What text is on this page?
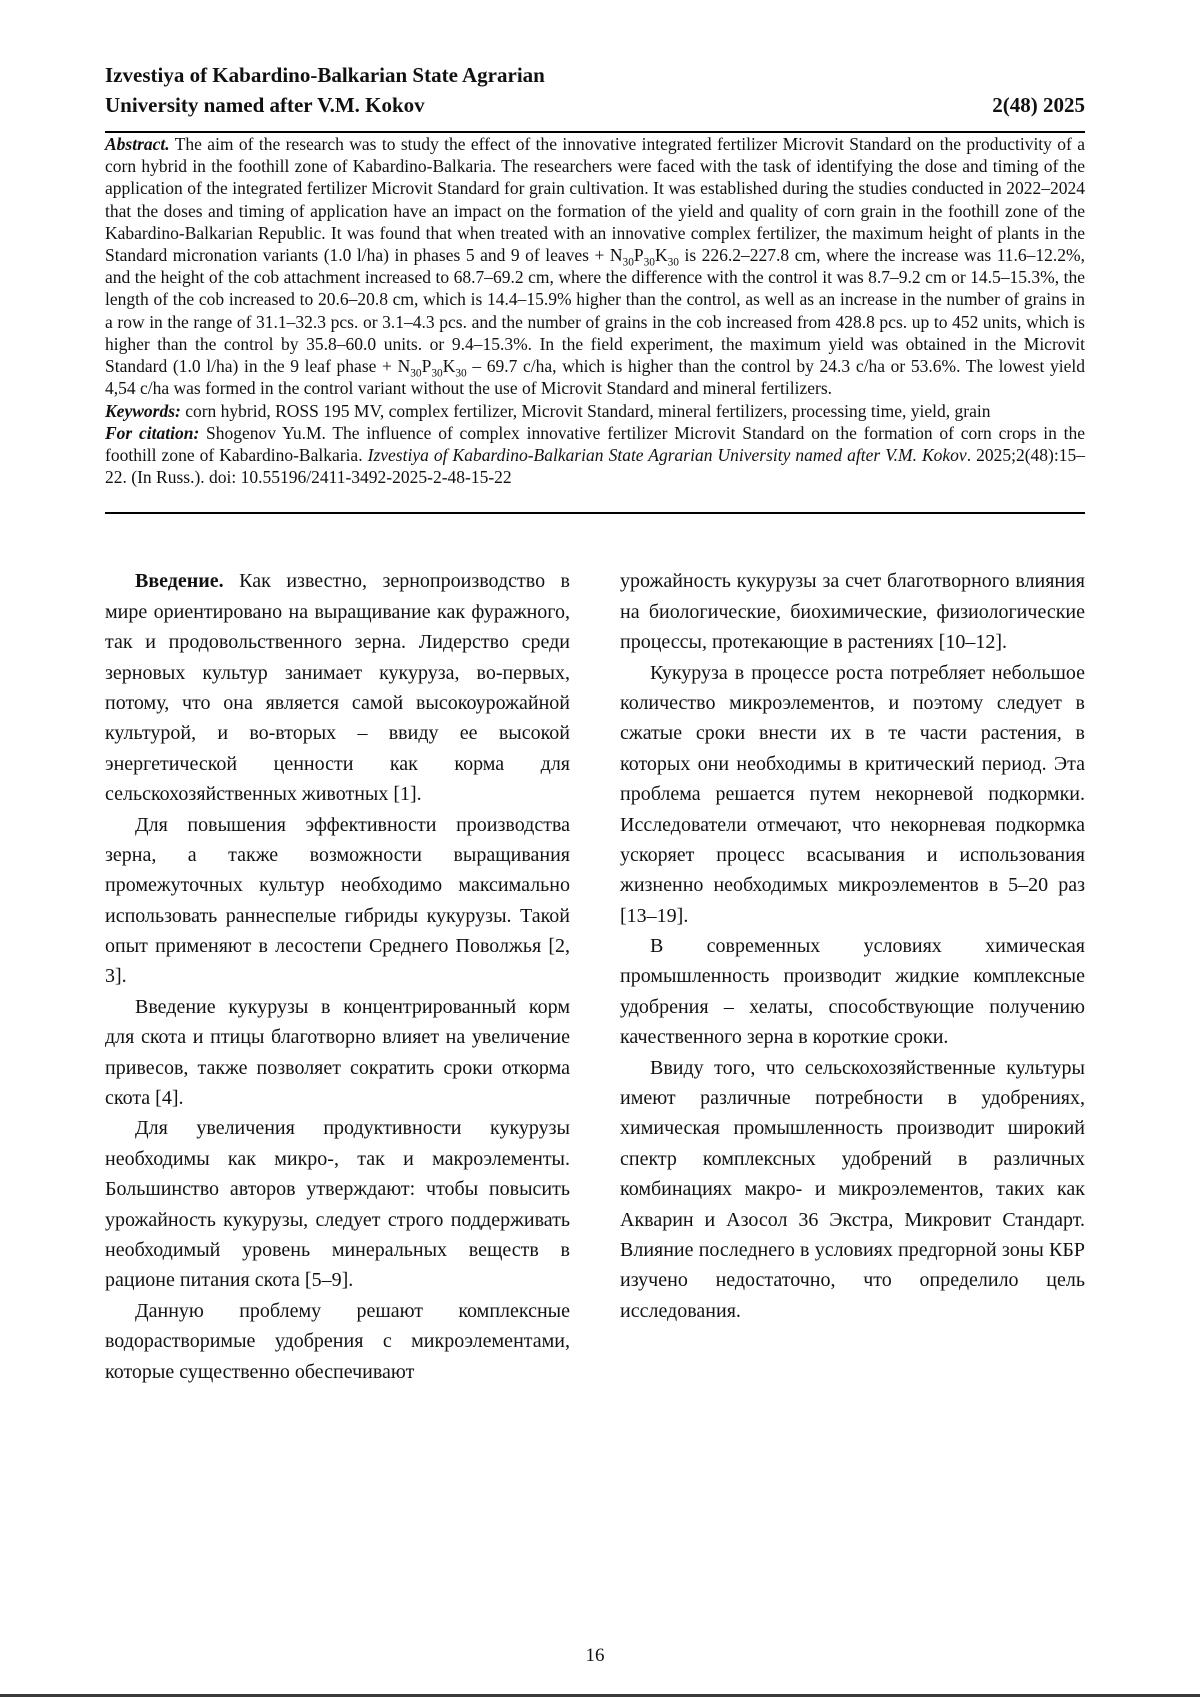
Izvestiya of Kabardino-Balkarian State Agrarian
University named after V.M. Kokov	2(48) 2025

Abstract. The aim of the research was to study the effect of the innovative integrated fertilizer Microvit Standard on the productivity of a corn hybrid in the foothill zone of Kabardino-Balkaria. The researchers were faced with the task of identifying the dose and timing of the application of the integrated fertilizer Microvit Standard for grain cultivation. It was established during the studies conducted in 2022–2024 that the doses and timing of application have an impact on the formation of the yield and quality of corn grain in the foothill zone of the Kabardino-Balkarian Republic. It was found that when treated with an innovative complex fertilizer, the maximum height of plants in the Standard micronation variants (1.0 l/ha) in phases 5 and 9 of leaves + $N_{30}P_{30}K_{30}$ is 226.2–227.8 cm, where the increase was 11.6–12.2%, and the height of the cob attachment increased to 68.7–69.2 cm, where the difference with the control it was 8.7–9.2 cm or 14.5–15.3%, the length of the cob increased to 20.6–20.8 cm, which is 14.4–15.9% higher than the control, as well as an increase in the number of grains in a row in the range of 31.1–32.3 pcs. or 3.1–4.3 pcs. and the number of grains in the cob increased from 428.8 pcs. up to 452 units, which is higher than the control by 35.8–60.0 units. or 9.4–15.3%. In the field experiment, the maximum yield was obtained in the Microvit Standard (1.0 l/ha) in the 9 leaf phase + $N_{30}P_{30}K_{30} - 69.7$ c/ha, which is higher than the control by 24.3 c/ha or 53.6%. The lowest yield 4,54 c/ha was formed in the control variant without the use of Microvit Standard and mineral fertilizers.

Keywords: corn hybrid, ROSS 195 MV, complex fertilizer, Microvit Standard, mineral fertilizers, processing time, yield, grain

For citation: Shogenov Yu.M. The influence of complex innovative fertilizer Microvit Standard on the formation of corn crops in the foothill zone of Kabardino-Balkaria. Izvestiya of Kabardino-Balkarian State Agrarian University named after V.M. Kokov. 2025;2(48):15–22. (In Russ.). doi: 10.55196/2411-3492-2025-2-48-15-22

Введение. Как известно, зернопроизводство в мире ориентировано на выращивание как фуражного, так и продовольственного зерна. Лидерство среди зерновых культур занимает кукуруза, во-первых, потому, что она является самой высокоурожайной культурой, и во-вторых – ввиду ее высокой энергетической ценности как корма для сельскохозяйственных животных [1].

Для повышения эффективности производства зерна, а также возможности выращивания промежуточных культур необходимо максимально использовать раннеспелые гибриды кукурузы. Такой опыт применяют в лесостепи Среднего Поволжья [2, 3].

Введение кукурузы в концентрированный корм для скота и птицы благотворно влияет на увеличение привесов, также позволяет сократить сроки откорма скота [4].

Для увеличения продуктивности кукурузы необходимы как микро-, так и макроэлементы. Большинство авторов утверждают: чтобы повысить урожайность кукурузы, следует строго поддерживать необходимый уровень минеральных веществ в рационе питания скота [5–9].

Данную проблему решают комплексные водорастворимые удобрения с микроэлементами, которые существенно обеспечивают

урожайность кукурузы за счет благотворного влияния на биологические, биохимические, физиологические процессы, протекающие в растениях [10–12].

Кукуруза в процессе роста потребляет небольшое количество микроэлементов, и поэтому следует в сжатые сроки внести их в те части растения, в которых они необходимы в критический период. Эта проблема решается путем некорневой подкормки. Исследователи отмечают, что некорневая подкормка ускоряет процесс всасывания и использования жизненно необходимых микроэлементов в 5–20 раз [13–19].

В современных условиях химическая промышленность производит жидкие комплексные удобрения – хелаты, способствующие получению качественного зерна в короткие сроки.

Ввиду того, что сельскохозяйственные культуры имеют различные потребности в удобрениях, химическая промышленность производит широкий спектр комплексных удобрений в различных комбинациях макро- и микроэлементов, таких как Акварин и Азосол 36 Экстра, Микровит Стандарт. Влияние последнего в условиях предгорной зоны КБР изучено недостаточно, что определило цель исследования.

16
